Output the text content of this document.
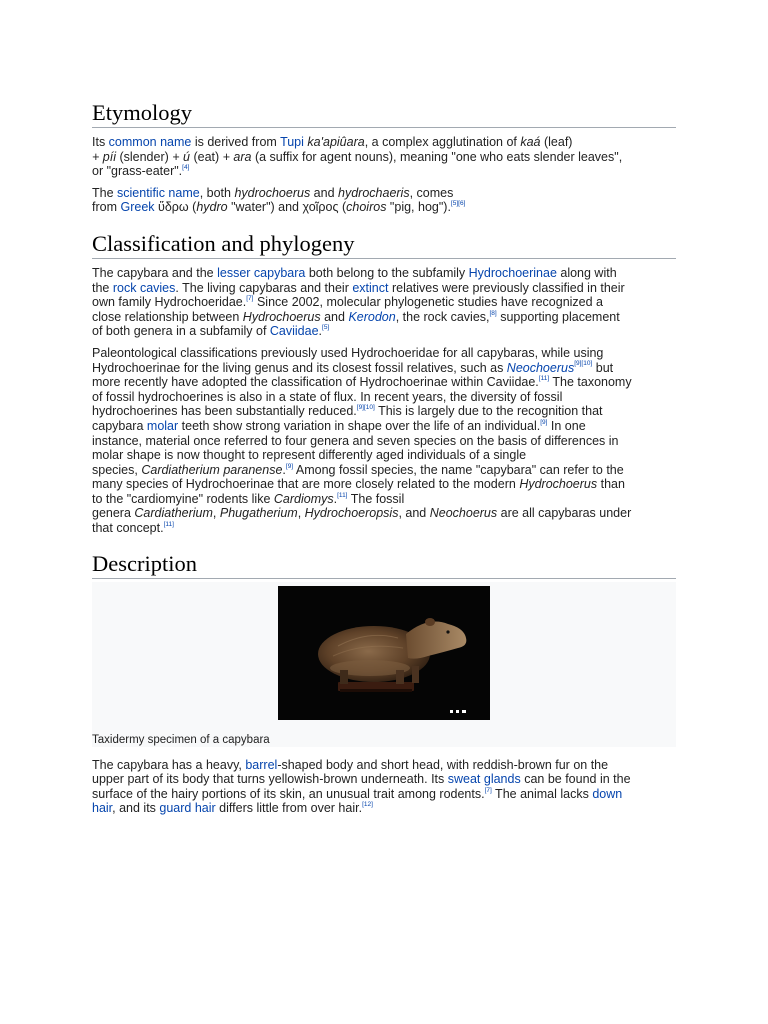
Etymology

Its common name is derived from Tupi ka'apiûara, a complex agglutination of kaá (leaf)
+ píi (slender) + ú (eat) + ara (a suffix for agent nouns), meaning "one who eats slender leaves",
or "grass-eater".[4]

The scientific name, both hydrochoerus and hydrochaeris, comes
from Greek ὕδρω (hydro "water") and χοῖρος (choiros "pig, hog").[5][6]

Classification and phylogeny

The capybara and the lesser capybara both belong to the subfamily Hydrochoerinae along with
the rock cavies. The living capybaras and their extinct relatives were previously classified in their
own family Hydrochoeridae.[7] Since 2002, molecular phylogenetic studies have recognized a
close relationship between Hydrochoerus and Kerodon, the rock cavies,[8] supporting placement
of both genera in a subfamily of Caviidae.[5]

Paleontological classifications previously used Hydrochoeridae for all capybaras, while using
Hydrochoerinae for the living genus and its closest fossil relatives, such as Neochoerus[9][10] but
more recently have adopted the classification of Hydrochoerinae within Caviidae.[11] The taxonomy
of fossil hydrochoerines is also in a state of flux. In recent years, the diversity of fossil
hydrochoerines has been substantially reduced.[9][10] This is largely due to the recognition that
capybara molar teeth show strong variation in shape over the life of an individual.[9] In one
instance, material once referred to four genera and seven species on the basis of differences in
molar shape is now thought to represent differently aged individuals of a single
species, Cardiatherium paranense.[9] Among fossil species, the name "capybara" can refer to the
many species of Hydrochoerinae that are more closely related to the modern Hydrochoerus than
to the "cardiomyine" rodents like Cardiomys.[11] The fossil
genera Cardiatherium, Phugatherium, Hydrochoeropsis, and Neochoerus are all capybaras under
that concept.[11]

Description
Taxidermy specimen of a capybara

The capybara has a heavy, barrel-shaped body and short head, with reddish-brown fur on the
upper part of its body that turns yellowish-brown underneath. Its sweat glands can be found in the
surface of the hairy portions of its skin, an unusual trait among rodents.[7] The animal lacks down
hair, and its guard hair differs little from over hair.[12]
